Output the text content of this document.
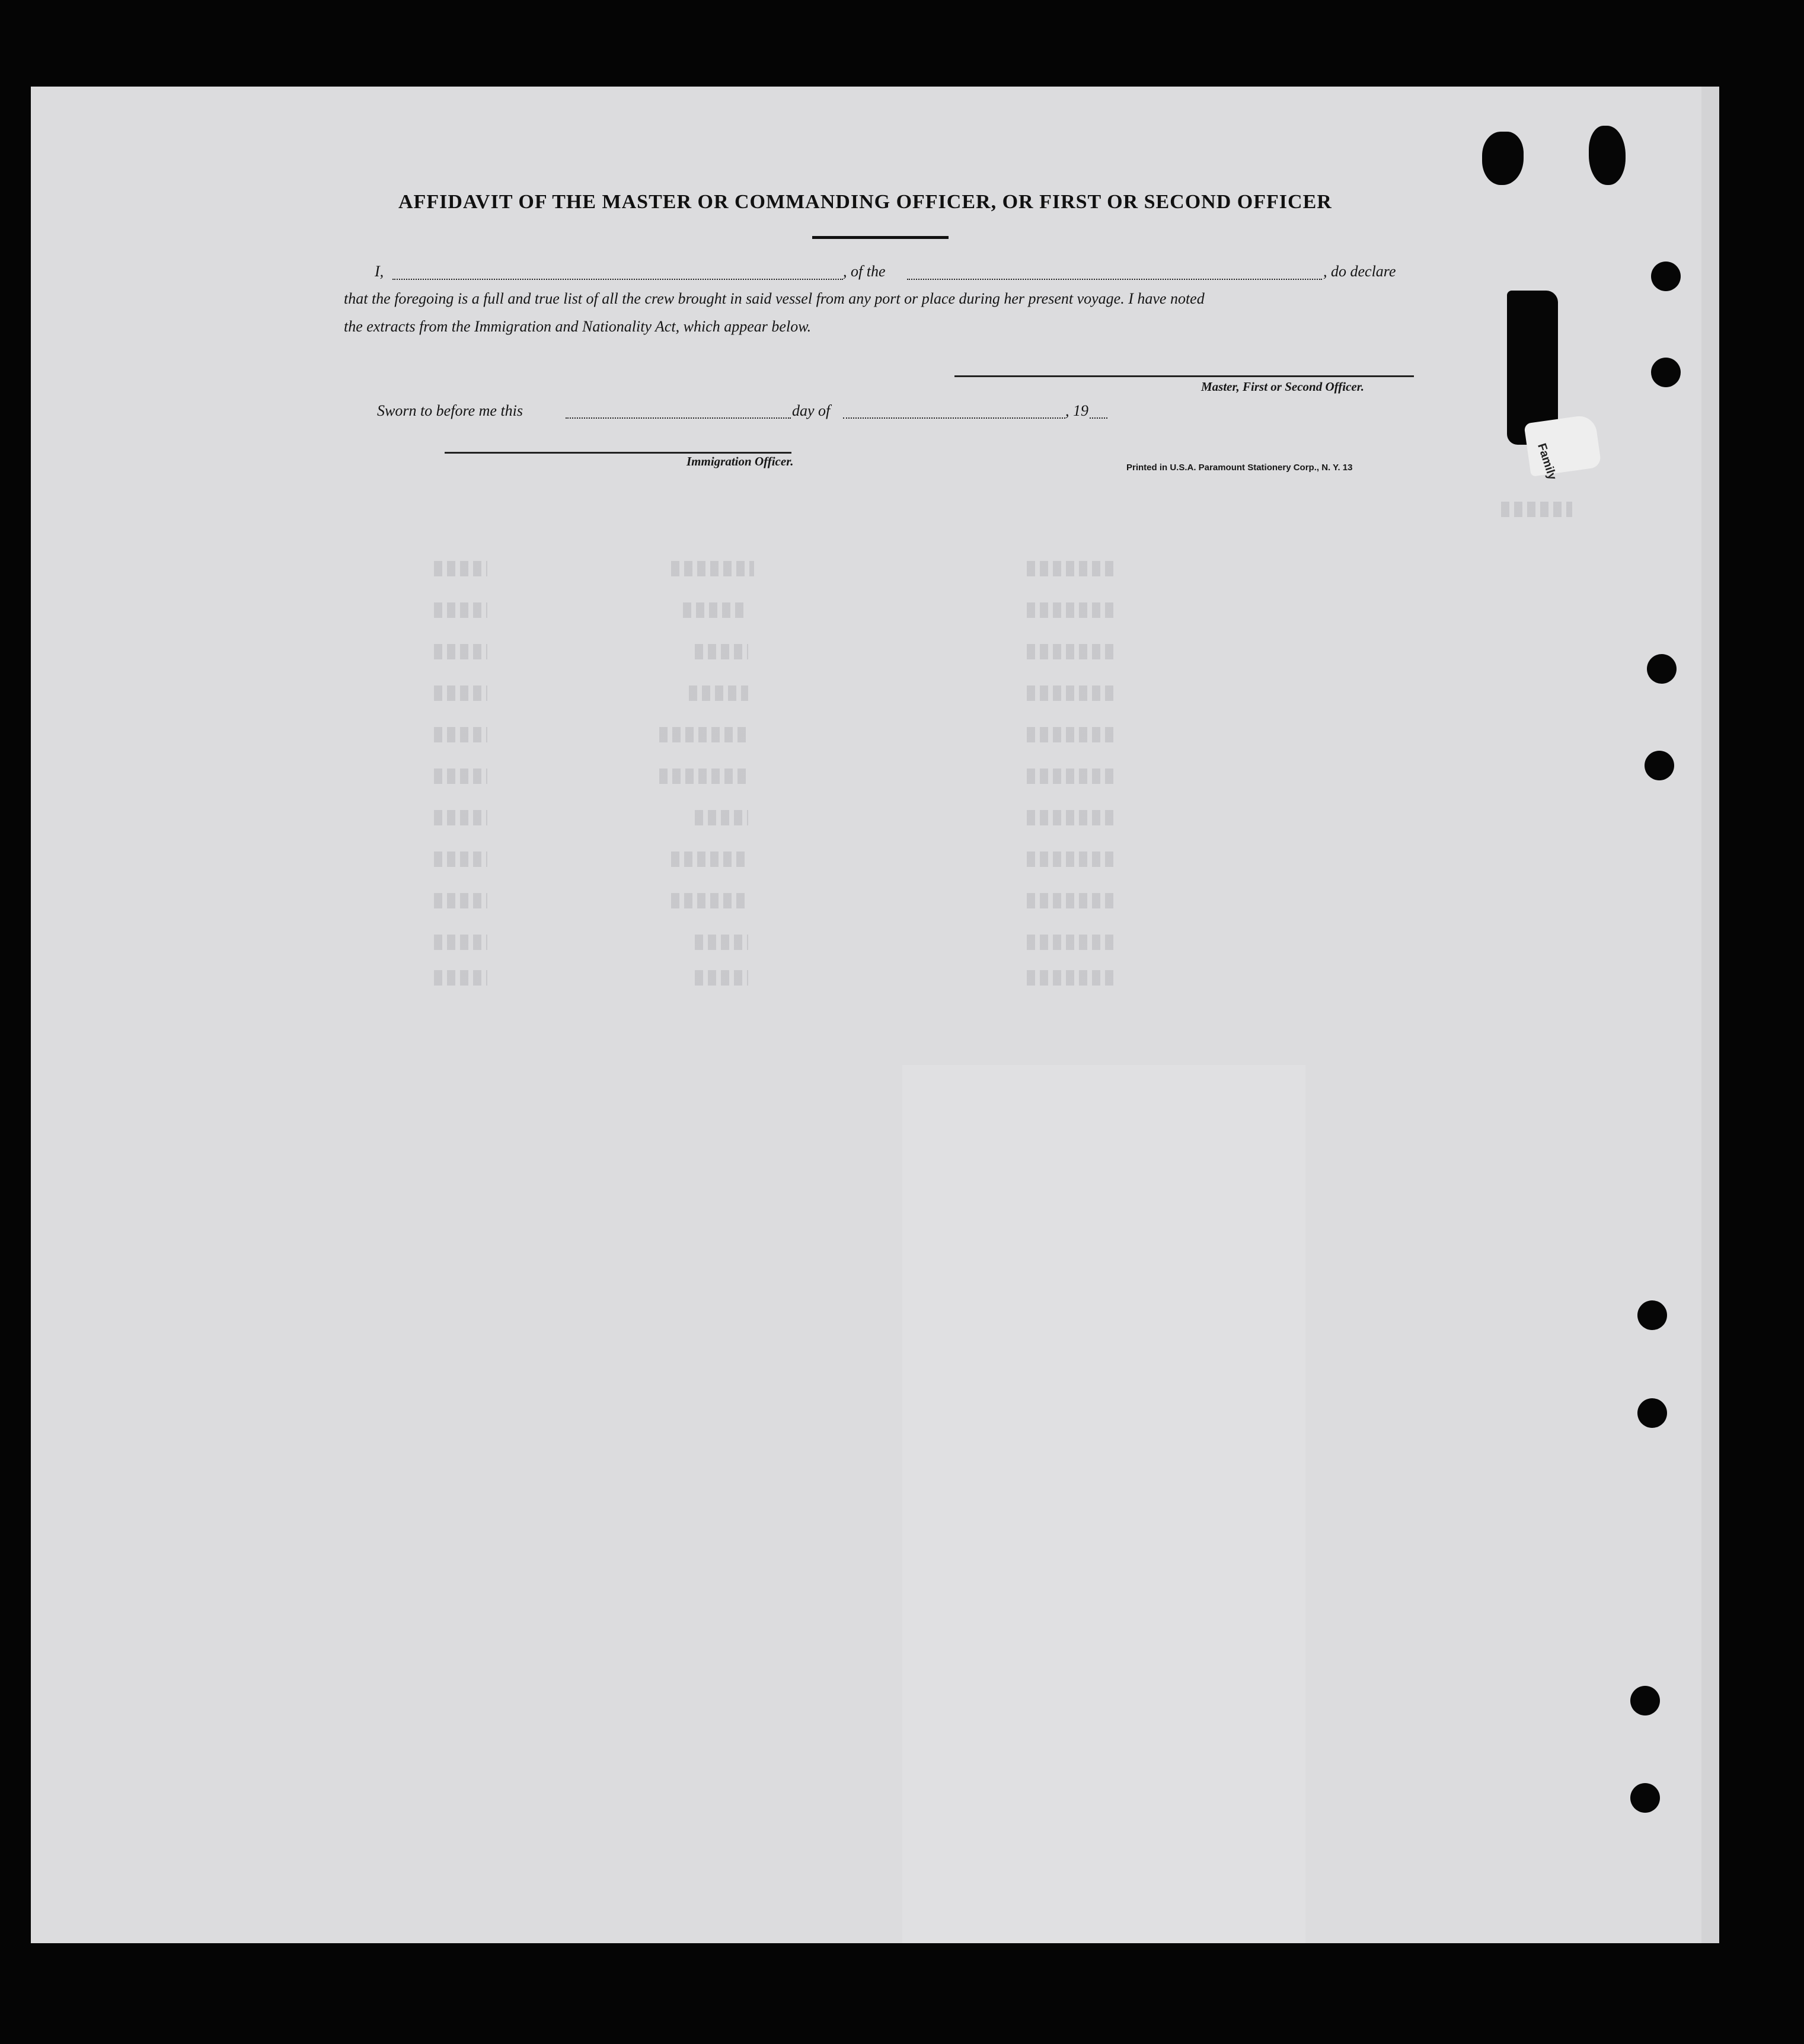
AFFIDAVIT OF THE MASTER OR COMMANDING OFFICER, OR FIRST OR SECOND OFFICER
I,	, of the	, do declare
that the foregoing is a full and true list of all the crew brought in said vessel from any port or place during her present voyage. I have noted
the extracts from the Immigration and Nationality Act, which appear below.
Master, First or Second Officer.
Sworn to before me this	day of	, 19
Immigration Officer.	Printed in U.S.A. Paramount Stationery Corp., N. Y. 13	Family
